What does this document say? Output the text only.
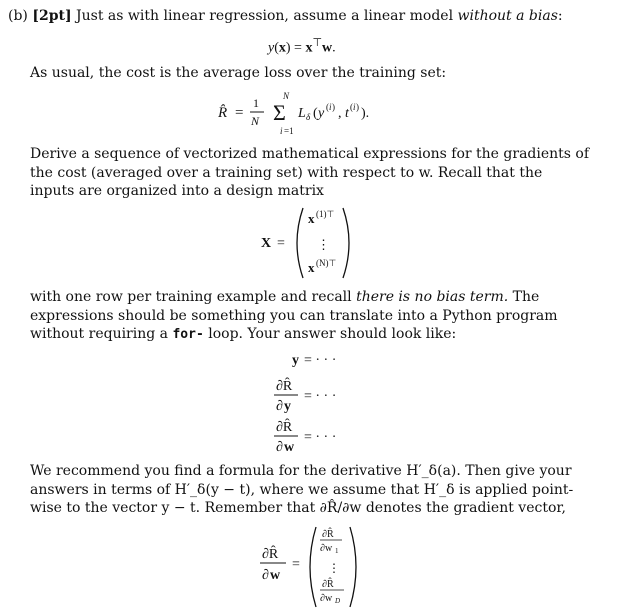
(b) [2pt] Just as with linear regression, assume a linear model without a bias:
y(x) = x⊤w.
As usual, the cost is the average loss over the training set:
R̂ =
1
N
N
Σ
i =1
L δ ( y ( i ) , t ( i ) ).
Derive a sequence of vectorized mathematical expressions for the gradients of the cost (averaged over a training set) with respect to w. Recall that the inputs are organized into a design matrix
X =
x (1)⊤
⋮
x (N)⊤
with one row per training example and recall there is no bias term. The expressions should be something you can translate into a Python program without requiring a for- loop. Your answer should look like:
y = · · ·
∂R̂
∂ y
= · · ·
∂R̂
∂ w
= · · ·
We recommend you find a formula for the derivative H′_δ(a). Then give your answers in terms of H′_δ(y − t), where we assume that H′_δ is applied point-wise to the vector y − t. Remember that ∂R̂/∂w denotes the gradient vector,
∂R̂
∂ w
=
∂R̂
∂w 1
⋮
∂R̂
∂w D
